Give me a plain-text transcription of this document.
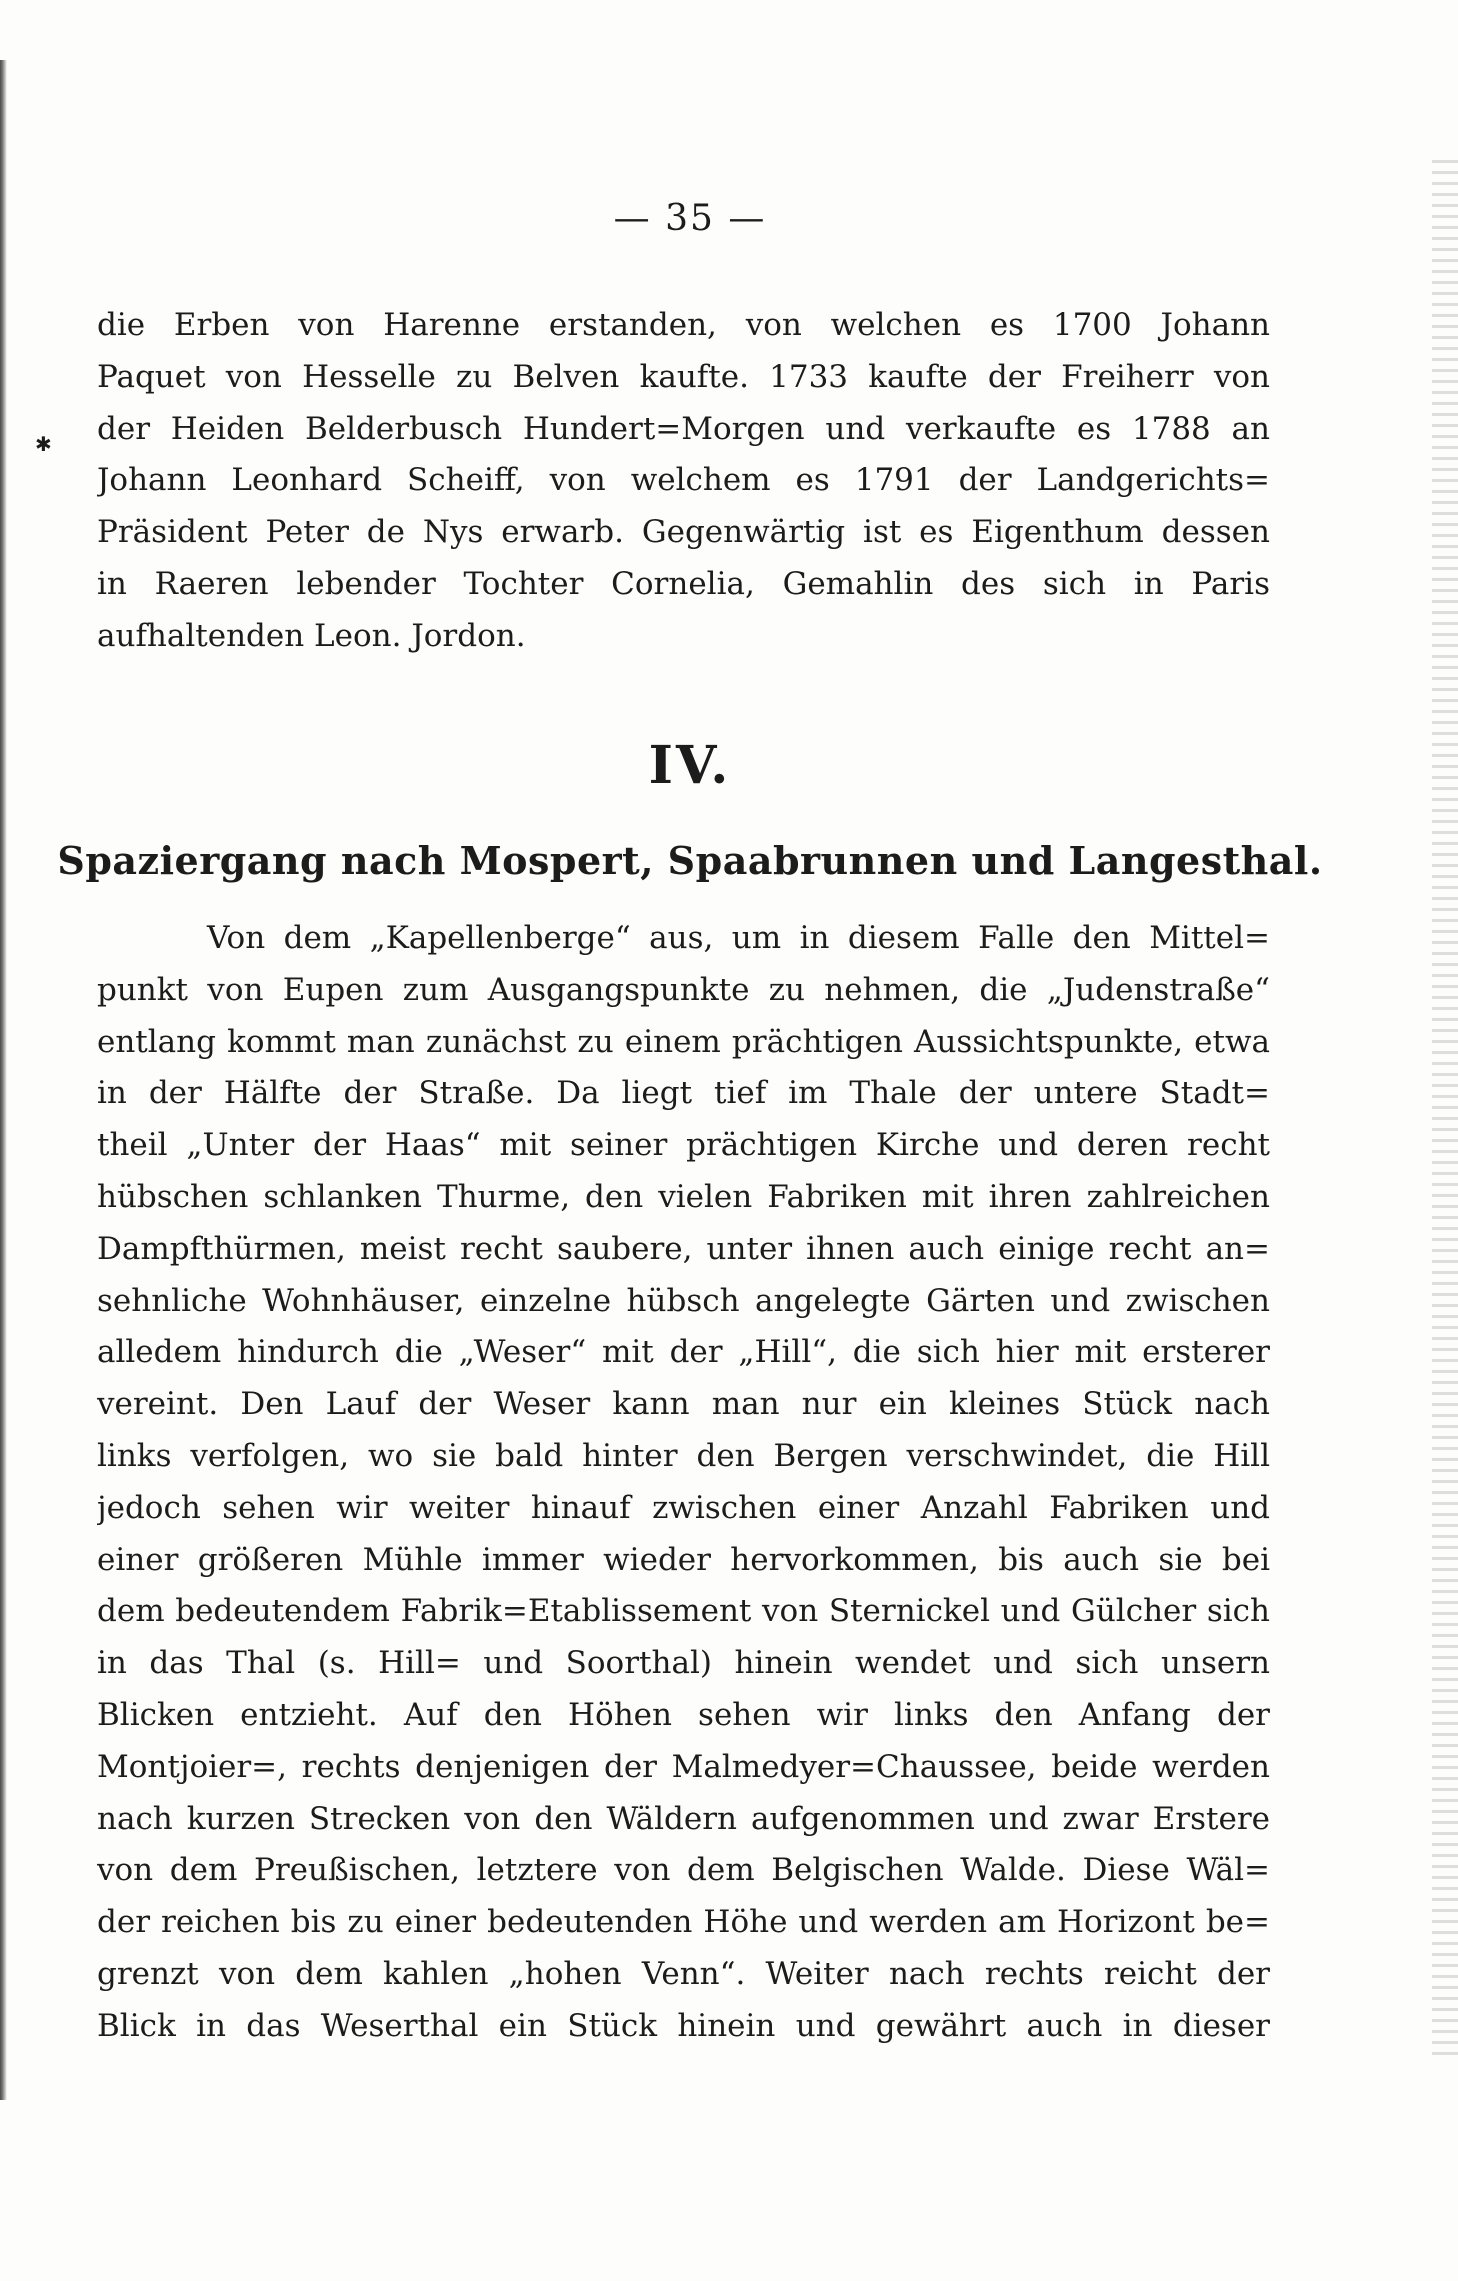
✱
— 35 —
die Erben von Harenne erstanden, von welchen es 1700 Johann
Paquet von Hesselle zu Belven kaufte. 1733 kaufte der Freiherr von
der Heiden Belderbusch Hundert=Morgen und verkaufte es 1788 an
Johann Leonhard Scheiff, von welchem es 1791 der Landgerichts=
Präsident Peter de Nys erwarb. Gegenwärtig ist es Eigenthum dessen
in Raeren lebender Tochter Cornelia, Gemahlin des sich in Paris
aufhaltenden Leon. Jordon.
IV.
Spaziergang nach Mospert, Spaabrunnen und Langesthal.
Von dem „Kapellenberge“ aus, um in diesem Falle den Mittel=
punkt von Eupen zum Ausgangspunkte zu nehmen, die „Judenstraße“
entlang kommt man zunächst zu einem prächtigen Aussichtspunkte, etwa
in der Hälfte der Straße. Da liegt tief im Thale der untere Stadt=
theil „Unter der Haas“ mit seiner prächtigen Kirche und deren recht
hübschen schlanken Thurme, den vielen Fabriken mit ihren zahlreichen
Dampfthürmen, meist recht saubere, unter ihnen auch einige recht an=
sehnliche Wohnhäuser, einzelne hübsch angelegte Gärten und zwischen
alledem hindurch die „Weser“ mit der „Hill“, die sich hier mit ersterer
vereint. Den Lauf der Weser kann man nur ein kleines Stück nach
links verfolgen, wo sie bald hinter den Bergen verschwindet, die Hill
jedoch sehen wir weiter hinauf zwischen einer Anzahl Fabriken und
einer größeren Mühle immer wieder hervorkommen, bis auch sie bei
dem bedeutendem Fabrik=Etablissement von Sternickel und Gülcher sich
in das Thal (s. Hill= und Soorthal) hinein wendet und sich unsern
Blicken entzieht. Auf den Höhen sehen wir links den Anfang der
Montjoier=, rechts denjenigen der Malmedyer=Chaussee, beide werden
nach kurzen Strecken von den Wäldern aufgenommen und zwar Erstere
von dem Preußischen, letztere von dem Belgischen Walde. Diese Wäl=
der reichen bis zu einer bedeutenden Höhe und werden am Horizont be=
grenzt von dem kahlen „hohen Venn“. Weiter nach rechts reicht der
Blick in das Weserthal ein Stück hinein und gewährt auch in dieser
